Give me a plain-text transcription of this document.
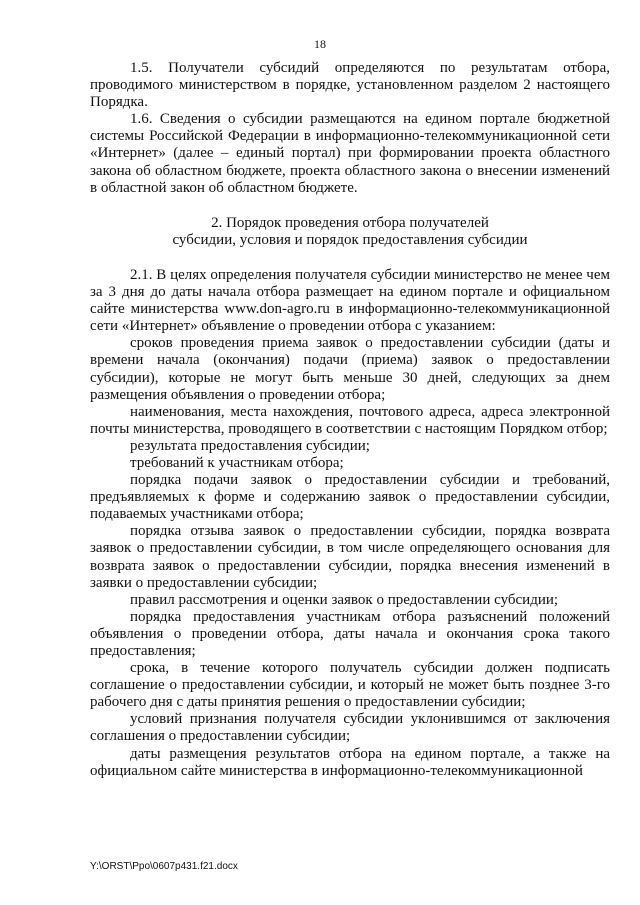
18

1.5. Получатели субсидий определяются по результатам отбора, проводимого министерством в порядке, установленном разделом 2 настоящего Порядка.

1.6. Сведения о субсидии размещаются на едином портале бюджетной системы Российской Федерации в информационно-телекоммуникационной сети «Интернет» (далее – единый портал) при формировании проекта областного закона об областном бюджете, проекта областного закона о внесении изменений в областной закон об областном бюджете.

2. Порядок проведения отбора получателей
субсидии, условия и порядок предоставления субсидии

2.1. В целях определения получателя субсидии министерство не менее чем за 3 дня до даты начала отбора размещает на едином портале и официальном сайте министерства www.don-agro.ru в информационно-телекоммуникационной сети «Интернет» объявление о проведении отбора с указанием:

сроков проведения приема заявок о предоставлении субсидии (даты и времени начала (окончания) подачи (приема) заявок о предоставлении субсидии), которые не могут быть меньше 30 дней, следующих за днем размещения объявления о проведении отбора;

наименования, места нахождения, почтового адреса, адреса электронной почты министерства, проводящего в соответствии с настоящим Порядком отбор;

результата предоставления субсидии;

требований к участникам отбора;

порядка подачи заявок о предоставлении субсидии и требований, предъявляемых к форме и содержанию заявок о предоставлении субсидии, подаваемых участниками отбора;

порядка отзыва заявок о предоставлении субсидии, порядка возврата заявок о предоставлении субсидии, в том числе определяющего основания для возврата заявок о предоставлении субсидии, порядка внесения изменений в заявки о предоставлении субсидии;

правил рассмотрения и оценки заявок о предоставлении субсидии;

порядка предоставления участникам отбора разъяснений положений объявления о проведении отбора, даты начала и окончания срока такого предоставления;

срока, в течение которого получатель субсидии должен подписать соглашение о предоставлении субсидии, и который не может быть позднее 3-го рабочего дня с даты принятия решения о предоставлении субсидии;

условий признания получателя субсидии уклонившимся от заключения соглашения о предоставлении субсидии;

даты размещения результатов отбора на едином портале, а также на официальном сайте министерства в информационно-телекоммуникационной

Y:\ORST\Ppo\0607p431.f21.docx
